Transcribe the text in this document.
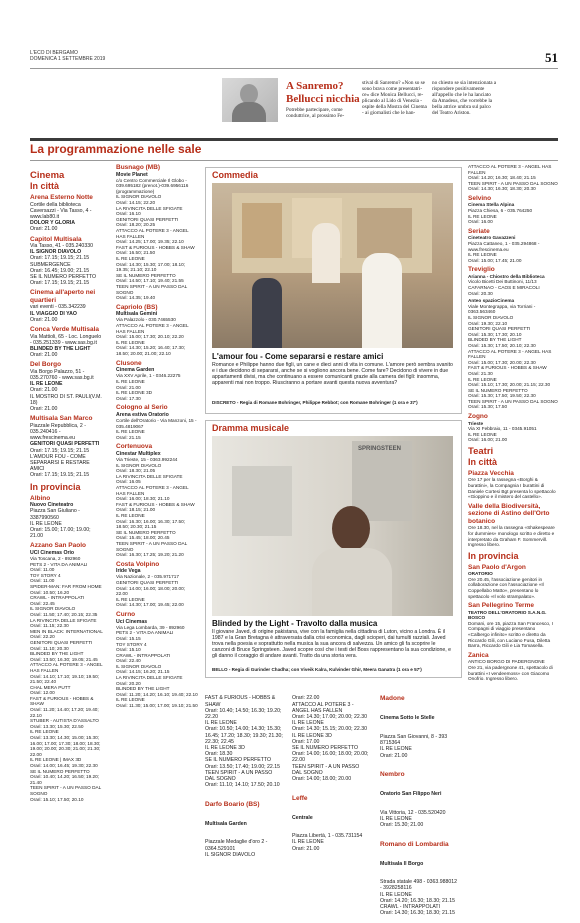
L'ECO DI BERGAMO
DOMENICA 1 SETTEMBRE 2019	51
A Sanremo?
Bellucci nicchia
Potrebbe partecipare, come conduttrice, al prossimo Fe-
stival di Sanremo? «Non so se sono brava come presentatri-ce» dice Monica Bellucci, re-plicando al Lido di Venezia - ospite della Mostra del Cinema - ai giornalisti che le han-
no chiesto se sia intenzionata a rispondere positivamente all'appello che le ha lanciato da Amadeus, che vorrebbe la bella attrice umbra sul palco del Teatro Ariston.
La programmazione nelle sale
Cinema
In città
Arena Esterno Notte
Cortile della biblioteca Caversazzi - Via Tasso, 4 - www.lab80.it
DOLOR Y GLORIA
Orari: 21.00
Capitol Multisala
Via Tasso, 41 - 035.240330
IL SIGNOR DIAVOLO
Orari: 17.15; 19.15; 21.15
SUBMERGENCE
Orari: 16.45; 19.00; 21.15
SE IL NUMERO PERFETTO
Orari: 17.15; 19.15; 21.15
Cinema all'aperto nei quartieri
vari eventi - 035.342239
IL VIAGGIO DI YAO
Orari: 21.00
Conca Verde Multisala
Via Mattioli, 65 - Loc. Longuelo - 035.251339 - www.sas.bg.it
BLINDED BY THE LIGHT
Orari: 21.00
Del Borgo
Via Borgo Palazzo, 51 - 035.270760 - www.sas.bg.it
IL RE LEONE
Orari: 21.00
IL MOSTRO DI ST. PAULI(V.M. 18)
Orari: 21.00
Multisala San Marco
Piazzale Repubblica, 2 - 035.240416 - www.frescinema.eu
GENITORI QUASI PERFETTI
Orari: 17.15; 19.15; 21.15
L'AMOUR FOU - COME SEPARARSI E RESTARE AMICI
Orari: 17.15; 19.15; 21.15
In provincia
Albino
Nuovo Cineteatro
Piazza San Giuliano - 3387990560
IL RE LEONE
Orari: 15.00; 17.00; 19.00; 21.00
Azzano San Paolo
UCI Cinemas Orio
Via Toscana, 2 - 892960
PETS 2 - VITA DA ANIMALI
Orari: 11.00
TOY STORY 4
Orari: 11.00
SPIDER-MAN: FAR FROM HOME
Orari: 10.50; 16.20
CRAWL - INTRAPPOLATI
Orari: 22.45
IL SIGNOR DIAVOLO
Orari: 11.50; 17.40; 20.15; 22.35
LA RIVINCITA DELLE SFIGATE
Orari: 11.15; 22.30
MEN IN BLACK: INTERNATIONAL
Orari: 22.20
GENITORI QUASI PERFETTI
Orari: 11.10; 20.30
BLINDED BY THE LIGHT
Orari: 13.50; 16.30; 19.05; 21.45
ATTACCO AL POTERE 3 - ANGEL HAS FALLEN
Orari: 14.10; 17.10; 19.10; 19.50; 21.50; 22.40
CHAL MERA PUTT
Orari: 12.00
FAST & FURIOUS - HOBBS & SHAW
Orari: 11.20; 14.40; 17.20; 19.40; 22.10
STUBER - AUTISTA D'ASSALTO
Orari: 13.30; 15.30; 22.50
IL RE LEONE
Orari: 13.30; 14.30; 15.00; 15.30; 16.00; 17.00; 17.30; 18.00; 18.30; 19.00; 20.00; 20.30; 21.00; 21.30; 22.00
IL RE LEONE | IMAX 3D
Orari: 14.00; 16.45; 19.30; 22.30
SE IL NUMERO PERFETTO
Orari: 10.40; 14.20; 16.50; 19.20; 21.40
TEEN SPIRIT - A UN PASSO DAL SOGNO
Orari: 15.10; 17.50; 20.10
Busnago (MB)
Movie Planet
c/o Centro Commerciale Il Globo - 039.695182 (prenot.)-039.6956116 (programmazione)
IL SIGNOR DIAVOLO
Orari: 14.15; 22.20
LA RIVINCITA DELLE SFIGATE
Orari: 16.10
GENITORI QUASI PERFETTI
Orari: 18.20; 20.25
ATTACCO AL POTERE 3 - ANGEL HAS FALLEN
Orari: 14.25; 17.00; 19.35; 22.10
FAST & FURIOUS - HOBBS & SHAW
Orari: 16.50; 21.50
IL RE LEONE
Orari: 14.30; 15.30; 17.00; 18.10; 19.35; 21.10; 22.10
SE IL NUMERO PERFETTO
Orari: 14.50; 17.10; 19.40; 21.55
TEEN SPIRIT - A UN PASSO DAL SOGNO
Orari: 14.35; 19.40
Capriolo (BS)
Multisala Gemini
Via Palazzolo - 030.7465530
ATTACCO AL POTERE 3 - ANGEL HAS FALLEN
Orari: 15.00; 17.30; 20.10; 22.20
IL RE LEONE
Orari: 14.30; 15.20; 16.40; 17.30; 18.50; 20.00; 21.00; 22.10
Clusone
Cinema Garden
Via XXV Aprile, 1 - 0346.22275
IL RE LEONE
Orari: 21.00
IL RE LEONE 3D
Orari: 17.30
Cologno al Serio
Arena estiva Oratorio
Cortile dell'Oratorio - Via Manzoni, 15 - 035.4819067
IL RE LEONE
Orari: 21.15
Cortenuova
Cinestar Multiplex
Via Trieste, 15 - 0363.992244
IL SIGNOR DIAVOLO
Orari: 18.30; 21.05
LA RIVINCITA DELLE SFIGATE
Orari: 16.05
ATTACCO AL POTERE 3 - ANGEL HAS FALLEN
Orari: 16.00; 18.30; 21.10
FAST & FURIOUS - HOBBS & SHAW
Orari: 18.15; 21.00
IL RE LEONE
Orari: 16.30; 16.00; 16.30; 17.50; 18.50; 20.30; 21.15
SE IL NUMERO PERFETTO
Orari: 15.45; 18.00; 20.45
TEEN SPIRIT - A UN PASSO DAL SOGNO
Orari: 16.30; 17.25; 19.20; 21.20
Costa Volpino
Iride Vega
Via Nazionale, 2 - 035.971717
GENITORI QUASI PERFETTI
Orari: 14.00; 16.00; 18.00; 20.00; 22.00
IL RE LEONE
Orari: 14.30; 17.00; 19.45; 22.00
Curno
Uci Cinemas
Via Lega Lombarda, 39 - 892960
PETS 2 - VITA DA ANIMALI
Orari: 15.15
TOY STORY 4
Orari: 15.10
CRAWL - INTRAPPOLATI
Orari: 22.40
IL SIGNOR DIAVOLO
Orari: 14.15; 16.20; 21.15
LA RIVINCITA DELLE SFIGATE
Orari: 20.20
BLINDED BY THE LIGHT
Orari: 11.20; 14.20; 16.10; 19.40; 22.10
IL RE LEONE
Orari: 11.30; 15.00; 17.00; 19.10; 21.50
Commedia
L'amour fou - Come separarsi e restare amici
Romance e Philippe hanno due figli, un cane e dieci anni di vita in comune. L'amore però sembra svanito e i due decidono di separarsi, anche se si vogliono ancora bene. Come fare? Decidono di vivere in due appartamenti divisi, ma che continuano a essere comunicanti grazie alla camera dei figli: insomma, apparenti mai non troppo. Riusciranno a portare avanti questa nuova avventura?
DISCRETO - Regia di Romane Bohringer, Philippe Rebbot; con Romane Bohringer (1 ora e 37')
Dramma musicale
SPRINGSTEEN
Blinded by the Light - Travolto dalla musica
Il giovane Javed, di origine pakistana, vive con la famiglia nella cittadina di Luton, vicino a Londra. È il 1987 e la Gran Bretagna è attraversata dalla crisi economica, dagli scioperi, dai tumulti razziali. Javed trova nella poesia e soprattutto nella musica la sua ancora di salvezza. Un amico gli fa scoprire le canzoni di Bruce Springsteen. Javed scopre così che i testi del Boss rappresentano la sua condizione, e gli danno il coraggio di andare avanti. Tratto da una storia vera.
BELLO - Regia di Gurinder Chadha; con Viveik Kalra, Kulvinder Ghir, Meera Ganatra (1 ora e 57')

FAST & FURIOUS - HOBBS & SHAW
Orari: 10.40; 14.50; 16.30; 19.20; 22.20
IL RE LEONE
Orari: 10.50; 14.00; 14.30; 15.30; 16.45; 17.20; 18.30; 19.30; 21.30; 22.30; 22.45
IL RE LEONE 3D
Orari: 18.30
SE IL NUMERO PERFETTO
Orari: 13.50; 17.40; 19.00; 22.15
TEEN SPIRIT - A UN PASSO DAL SOGNO
Orari: 11.10; 14.10; 17.50; 20.10

Darfo Boario (BS)

Multisala Garden

Piazzale Medaglie d'oro 2 - 0364.529101
IL SIGNOR DIAVOLO

Orari: 22.00
ATTACCO AL POTERE 3 - ANGEL HAS FALLEN
Orari: 14.30; 17.00; 20.00; 22.30
IL RE LEONE
Orari: 14.30; 15.15; 20.00; 22.30
IL RE LEONE 3D
Orari: 17.00
SE IL NUMERO PERFETTO
Orari: 14.00; 16.00; 18.00; 20.00; 22.00
TEEN SPIRIT - A UN PASSO DAL SOGNO
Orari: 14.00; 18.00; 20.00

Leffe

Centrale

Piazza Libertà, 1 - 035.731154
IL RE LEONE
Orari: 21.00

Madone

Cinema Sotto le Stelle

Piazza San Giovanni, 8 - 393 8715364
IL RE LEONE
Orari: 21.00

Nembro

Oratorio San Filippo Neri

Via Vittoria, 12 - 035.520420
IL RE LEONE
Orari: 15.30; 21.00

Romano di Lombardia

Multisala Il Borgo

Strada statale 498 - 0363.988012 - 3928258116
IL RE LEONE
Orari: 14.20; 16.30; 18.30; 21.15
CRAWL - INTRAPPOLATI
Orari: 14.30; 16.30; 18.30; 21.15

ATTACCO AL POTERE 3 - ANGEL HAS FALLEN
Orari: 14.20; 16.30; 18.40; 21.15
TEEN SPIRIT - A UN PASSO DAL SOGNO
Orari: 14.30; 16.30; 18.30; 20.30
Selvino
Cinema Stella Alpina
Piazza Chiesa, 6 - 035.764250
IL RE LEONE
Orari: 16.00
Seriate
Cineteatro Gavazzeni
Piazza Cattaneo, 1 - 035.294868 - www.frescinema.eu
IL RE LEONE
Orari: 15.00; 17.45; 21.00
Treviglio
Arianna - Chiostro della Biblioteca
Vicolo Bicetti Dei Buttinoni, 11/13
CAFARNAO - CAOS E MIRACOLI
Orari: 20.30
Anteo spazioCinema
Viale Montegrappa, via Torriani - 0363.563460
IL SIGNOR DIAVOLO
Orari: 19.30; 22.10
GENITORI QUASI PERFETTI
Orari: 15.30; 17.30; 20.10
BLINDED BY THE LIGHT
Orari: 15.30; 17.50; 20.10; 22.30
ATTACCO AL POTERE 3 - ANGEL HAS FALLEN
Orari: 15.00; 17.30; 20.00; 22.30
FAST & FURIOUS - HOBBS & SHAW
Orari: 21.30
IL RE LEONE
Orari: 15.10; 17.30; 20.00; 21.15; 22.30
SE IL NUMERO PERFETTO
Orari: 15.30; 17.50; 19.50; 22.30
TEEN SPIRIT - A UN PASSO DAL SOGNO
Orari: 15.30; 17.50
Zogno
Trieste
Via XI Febbraio, 11 - 0345.91051
IL RE LEONE
Orari: 16.00; 21.00
Teatri
In città
Piazza Vecchia
Ore 17 per la rassegna «Borghi & burattini», la Compagnia I burattini di Daniele Cortesi Bgt presenta lo spettacolo «Gioppino e il mistero del castello».
Valle della Biodiversità, sezione di Astino dell'Orto botanico
Ore 18.30, nel la rassegna «Shakespeare for dummies» monologo scritto e diretto e interpretato da Graham F. Sommervill. Ingresso libero.
In provincia
San Paolo d'Argon
ORATORIO
Ore 20.45, l'associazione genitori in collaborazione con l'associazione «Il Coppellabo Matto», presentano lo spettacolo «Il volo strampalato».
San Pellegrino Terme
TEATRO DELL'ORATORIO S.A.N.G. BOSCO
Domani, ore 15, piazza San Francesco, I Compagni di viaggio presentano «Calbergo infinito» scritto e diretto da Riccardo Gili, con Luciano Fusa, Diletta Barra, Riccardo Gili e Lia Tomasella.
Zanica
ANTICO BORGO DI PADERGNONE
Ore 21, via padergnone 41, spettacolo di burattini «I vendeemoss» con Giacomo Onofrio. Ingresso libero.
